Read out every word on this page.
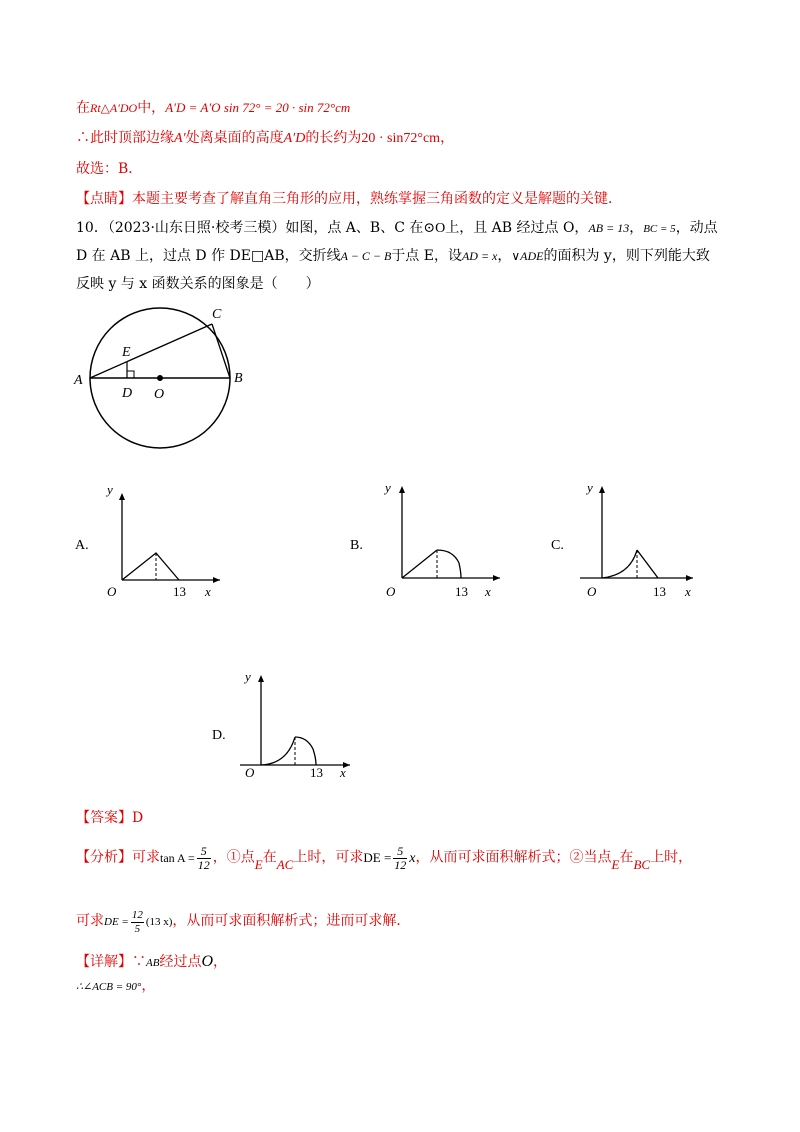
在Rt△A′DO中，A′D = A′O sin 72° = 20 · sin 72°cm
∴此时顶部边缘A′处离桌面的高度A′D的长约为20 · sin72°cm，
故选：B．
【点睛】本题主要考查了解直角三角形的应用，熟练掌握三角函数的定义是解题的关键．
10．（2023·山东日照·校考三模）如图，点 A、B、C 在⊙O上，且 AB 经过点 O，AB = 13，BC = 5，动点
D 在 AB 上，过点 D 作 DE□AB，交折线A − C − B于点 E，设AD = x，∨ADE的面积为 y，则下列能大致
反映 y 与 x 函数关系的图象是（　　）
A	B
C
D
E
O
A.
y
x
O	13
B.
y
x
O	13
C.
y
x
O	13
D.
y
x
O	13
【答案】D
【分析】可求$\tan A = \frac{5}{12}$ ，①点E在AC上时，可求DE = $\frac{5}{12}$ x，从而可求面积解析式；②当点E在BC上时，
可求DE = $\frac{12}{5} (13$ x)，从而可求面积解析式；进而可求解．
【详解】∵AB经过点O，
∴∠ACB = 90°，
